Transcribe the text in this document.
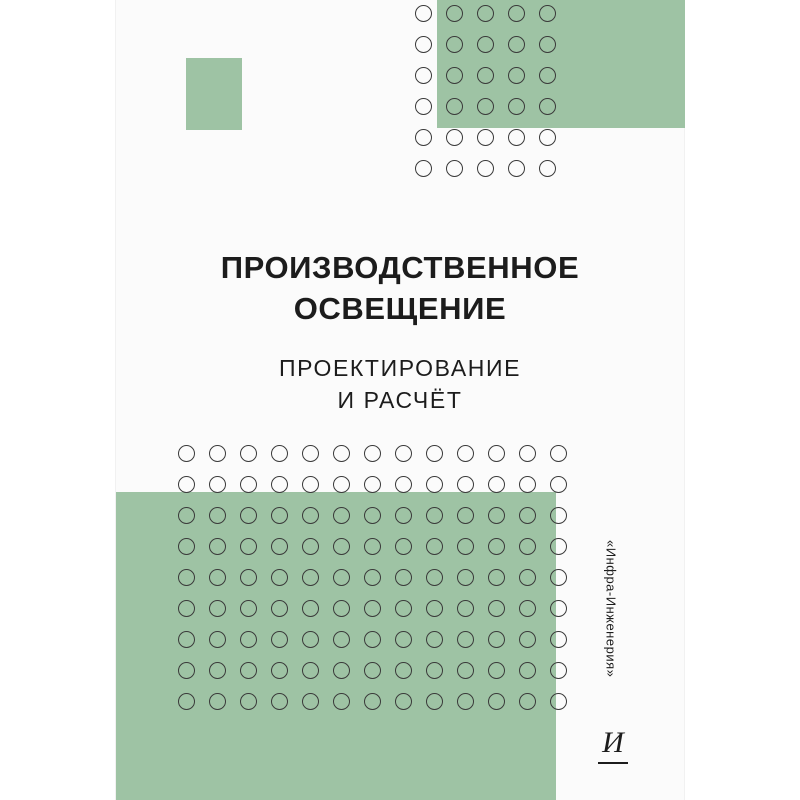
ПРОИЗВОДСТВЕННОЕ
ОСВЕЩЕНИЕ
ПРОЕКТИРОВАНИЕ
И РАСЧЁТ
«Инфра-Инженерия»
И
